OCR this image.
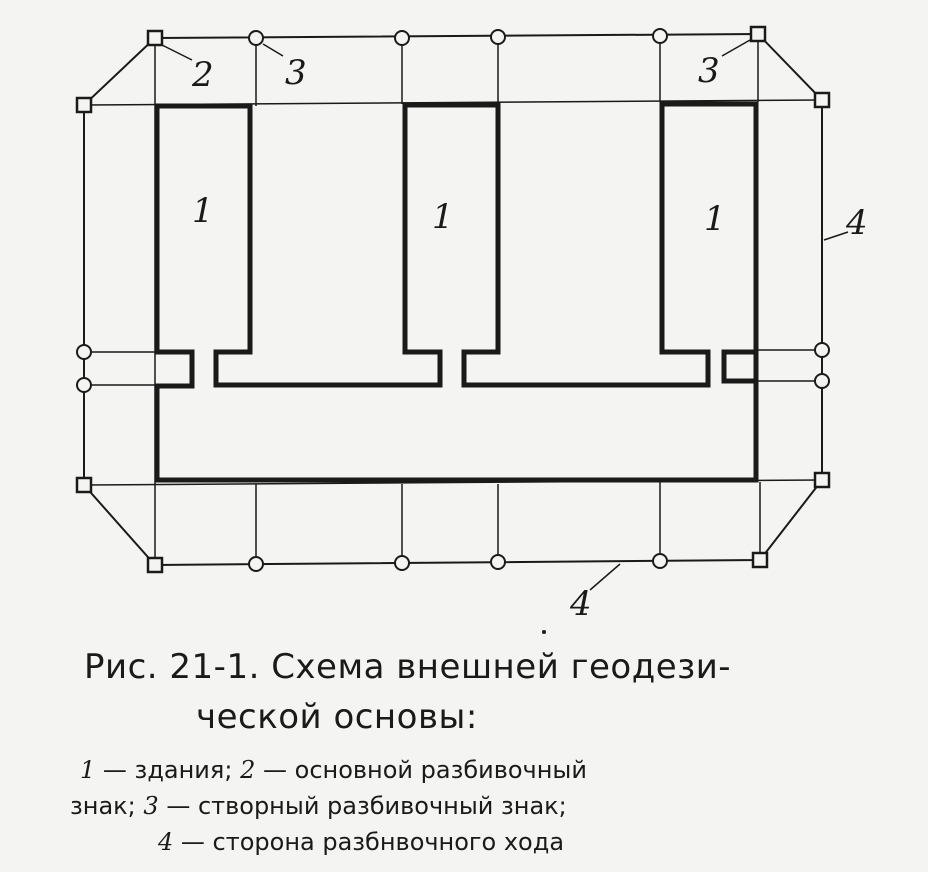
1	1	1
2 3	3
4
4
Рис. 21-1. Схема внешней геодези-
ческой основы:
1 — здания; 2 — основной разбивочный
знак; 3 — створный разбивочный знак;
4 — сторона разбнвочного хода
